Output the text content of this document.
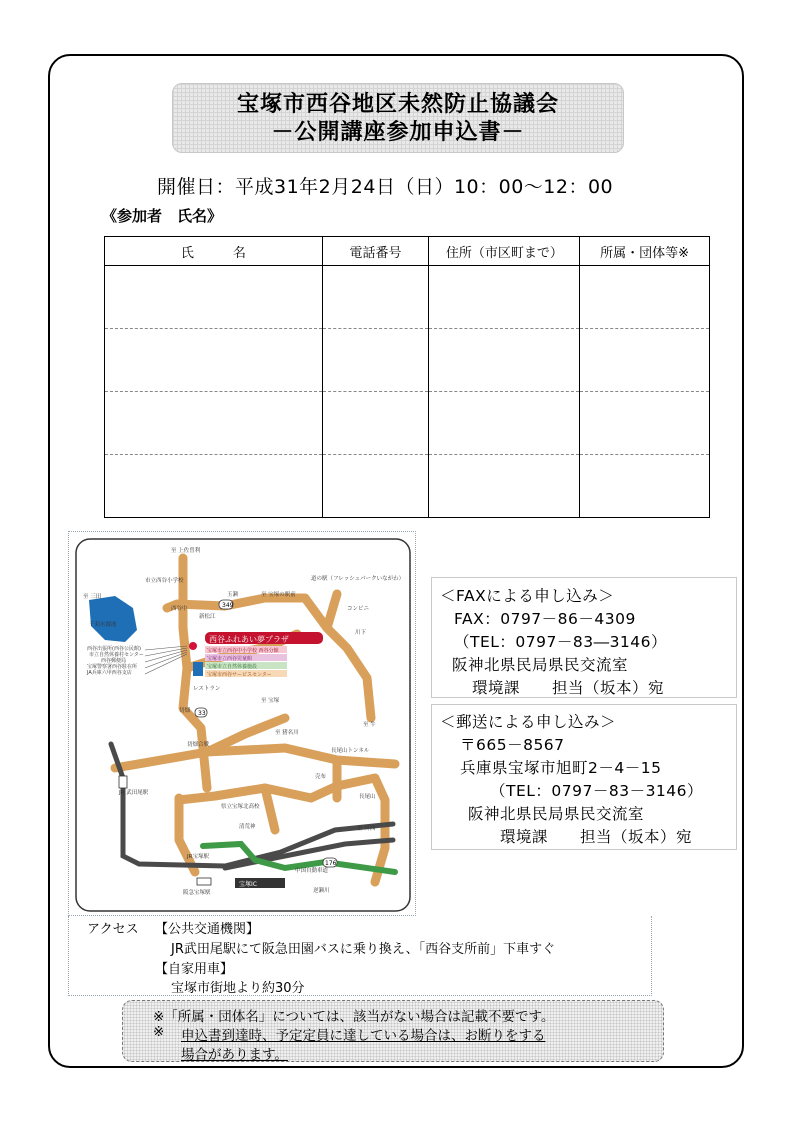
宝塚市西谷地区未然防止協議会
－公開講座参加申込書－
開催日：平成31年2月24日（日）10：00～12：00
《参加者　氏名》
氏　　　名	電話番号	住所（市区町まで）	所属・団体等※

西谷ふれあい夢プラザ
宝塚市立西谷中小学校 西谷分館
宝塚市立西谷児童館
宝塚市立自然休養施設
宝塚市西谷サービスセンター
西谷出張所(西谷公民館)
市立自然休養村センター
西谷郵便局
宝塚警察署西谷駐在所
JA兵庫六甲西谷支店
349
33
176
宝塚IC
至 上佐曽利
市立西谷小学校
至 三田
西谷中
千苅水源池
新松江
玉瀬	至 宝塚の駅前
道の駅（フレッシュパークいながわ）
コンビニ
川下
至 牛
レストラン
切畑
切畑合戦
至 猪名川
長尾山トンネル
JR 武田尾駅
県立宝塚北高校
長尾山
至 川西
JR宝塚駅
阪急宝塚駅
中国自動車道
逆瀬川
清荒神
至 宝塚
売布
アクセス 【公共交通機関】
JR武田尾駅にて阪急田園バスに乗り換え、「西谷支所前」下車すぐ
【自家用車】
宝塚市街地より約30分
＜FAXによる申し込み＞
FAX：0797－86－4309
（TEL：0797－83―3146）
阪神北県民局県民交流室
環境課　　担当（坂本）宛
＜郵送による申し込み＞
〒665－8567
兵庫県宝塚市旭町2－4－15
（TEL：0797－83－3146）
阪神北県民局県民交流室
環境課　　担当（坂本）宛
※「所属・団体名」については、該当がない場合は記載不要です。
※ 申込書到達時、予定定員に達している場合は、お断りをする
場合があります。
